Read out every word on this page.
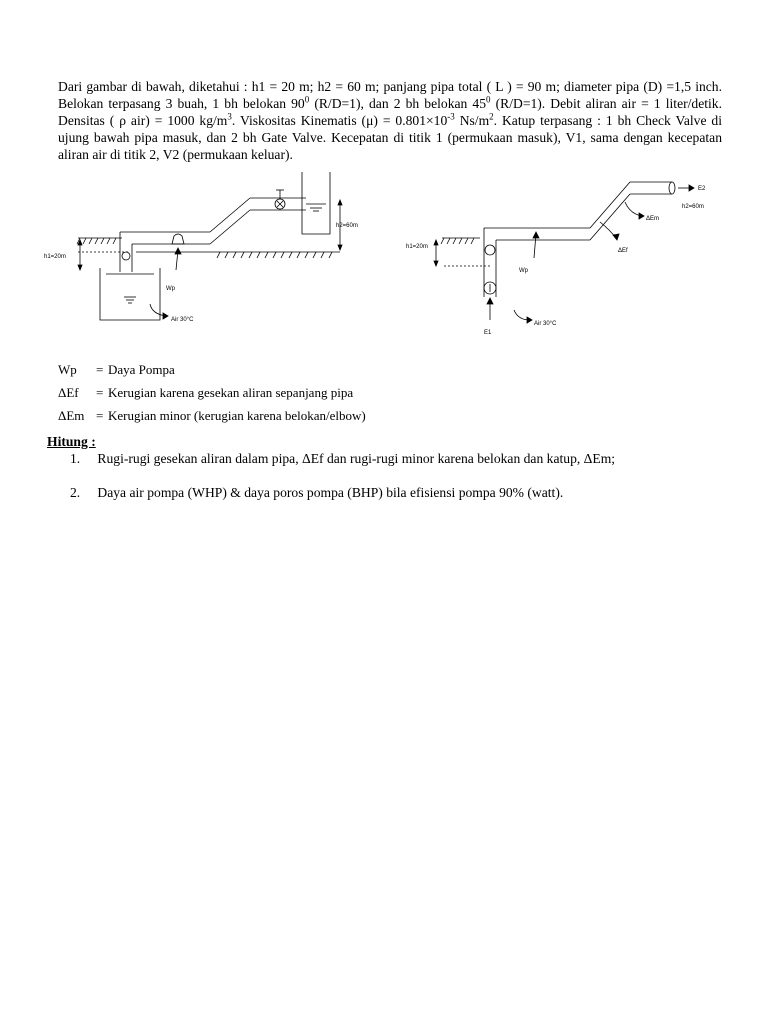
Dari gambar di bawah, diketahui : h1 = 20 m; h2 = 60 m; panjang pipa total ( L ) = 90 m; diameter pipa (D) =1,5 inch. Belokan terpasang 3 buah, 1 bh belokan $90^0$ (R/D=1), dan 2 bh belokan $45^0$ (R/D=1). Debit aliran air = 1 liter/detik. Densitas ( ρ air) = 1000 $kg/m^3$. Viskositas Kinematis $(\mu) = 0.801\times 10^{-3}$ $Ns/m^2$. Katup terpasang : 1 bh Check Valve di ujung bawah pipa masuk, dan 2 bh Gate Valve. Kecepatan di titik 1 (permukaan masuk), V1, sama dengan kecepatan aliran air di titik 2, V2 (permukaan keluar).
h1=20m
h2=60m
Wp
Air 30°C
h1=20m
h2=60m
E2
ΔEm
ΔEf
Wp
E1
Air 30°C
Wp	= Daya Pompa
ΔEf	= Kerugian karena gesekan aliran sepanjang pipa
ΔEm = Kerugian minor (kerugian karena belokan/elbow)
Hitung :
1. Rugi-rugi gesekan aliran dalam pipa, ΔEf dan rugi-rugi minor karena belokan dan katup, ΔEm;
2. Daya air pompa (WHP) & daya poros pompa (BHP) bila efisiensi pompa 90% (watt).
